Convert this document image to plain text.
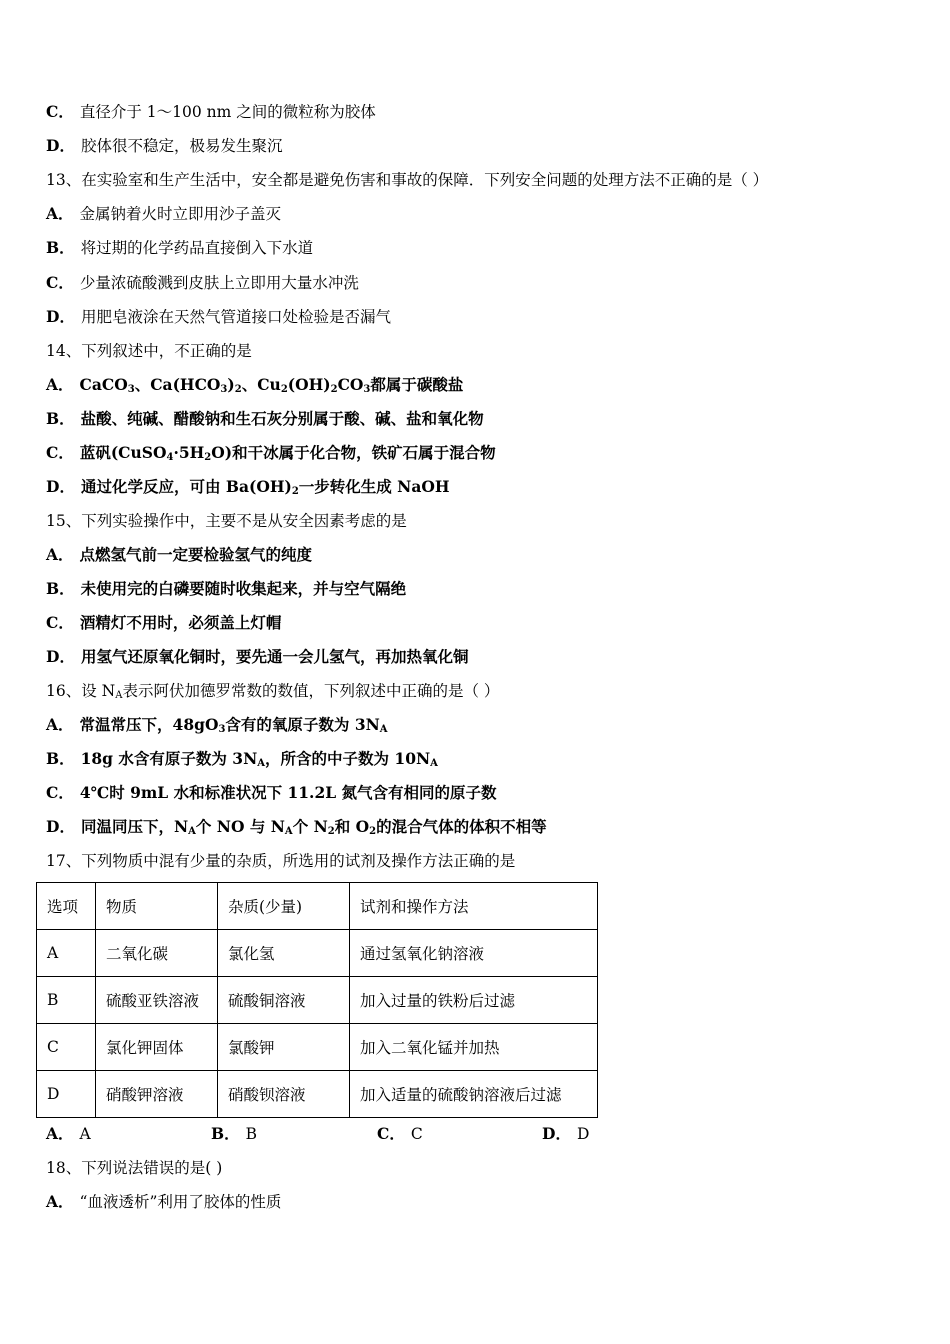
C． 直径介于 1～100 nm 之间的微粒称为胶体
D． 胶体很不稳定，极易发生聚沉
13、在实验室和生产生活中，安全都是避免伤害和事故的保障．下列安全问题的处理方法不正确的是（ ）
A． 金属钠着火时立即用沙子盖灭
B． 将过期的化学药品直接倒入下水道
C． 少量浓硫酸溅到皮肤上立即用大量水冲洗
D． 用肥皂液涂在天然气管道接口处检验是否漏气
14、下列叙述中，不正确的是
A． CaCO$_3$、$Ca(HCO_3)_2$、$Cu_2(OH)_2CO_3$都属于碳酸盐
B． 盐酸、纯碱、醋酸钠和生石灰分别属于酸、碱、盐和氧化物
C． 蓝矾$(CuSO_4\cdot 5H_2O)$和干冰属于化合物，铁矿石属于混合物
D． 通过化学反应，可由 $Ba(OH)_2$一步转化生成 NaOH
15、下列实验操作中，主要不是从安全因素考虑的是
A． 点燃氢气前一定要检验氢气的纯度
B． 未使用完的白磷要随时收集起来，并与空气隔绝
C． 酒精灯不用时，必须盖上灯帽
D． 用氢气还原氧化铜时，要先通一会儿氢气，再加热氧化铜
16、设 $N_A$表示阿伏加德罗常数的数值，下列叙述中正确的是（ ）
A． 常温常压下，$48gO_3$含有的氧原子数为 $3N_A$
B． 18g 水含有原子数为 $3N_A$，所含的中子数为 $10N_A$
C． 4℃时 9mL 水和标准状况下 11.2L 氮气含有相同的原子数
D． 同温同压下，$N_A$个 NO 与 $N_A$个 $N_2$和 $O_2$的混合气体的体积不相等
17、下列物质中混有少量的杂质，所选用的试剂及操作方法正确的是
选项	物质	杂质(少量)	试剂和操作方法
A	二氧化碳	氯化氢	通过氢氧化钠溶液
B	硫酸亚铁溶液	硫酸铜溶液	加入过量的铁粉后过滤
C	氯化钾固体	氯酸钾	加入二氧化锰并加热
D	硝酸钾溶液	硝酸钡溶液	加入适量的硫酸钠溶液后过滤
A． A	B． B	C． C	D． D
18、下列说法错误的是( )
A． “血液透析”利用了胶体的性质
